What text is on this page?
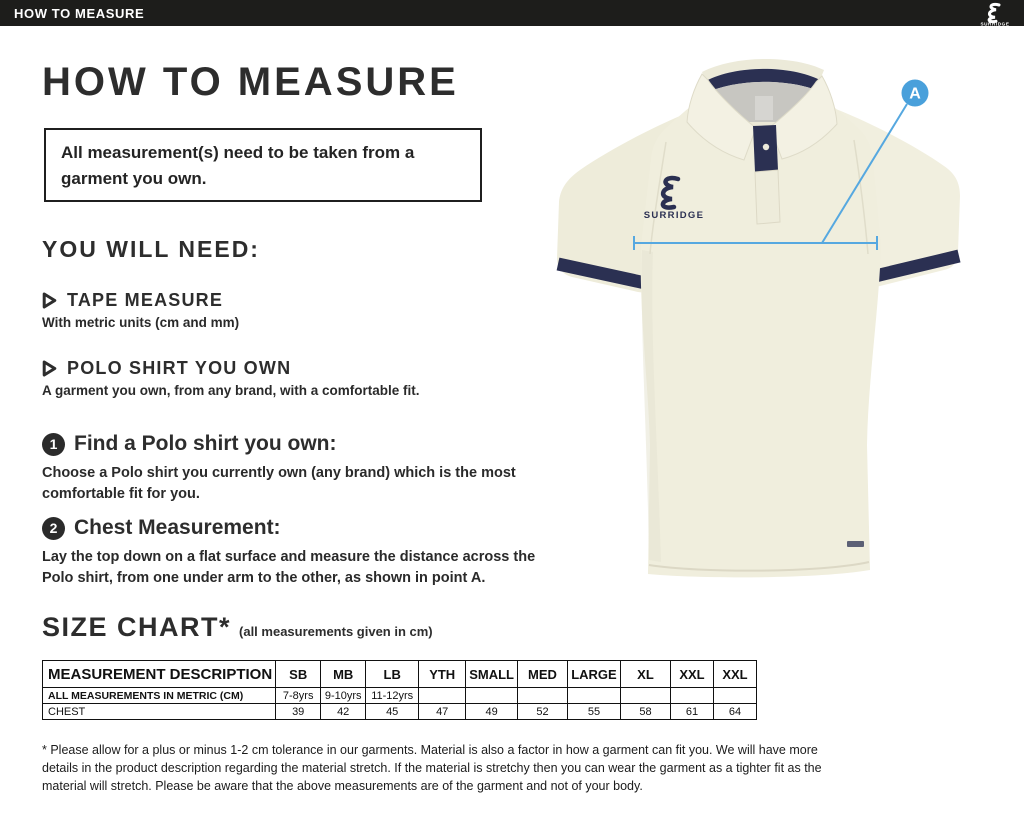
HOW TO MEASURE
SURRIDGE
HOW TO MEASURE
All measurement(s) need to be taken from a garment you own.
YOU WILL NEED:
TAPE MEASURE
With metric units (cm and mm)
POLO SHIRT YOU OWN
A garment you own, from any brand, with a comfortable fit.
1 Find a Polo shirt you own:
Choose a Polo shirt you currently own (any brand) which is the most comfortable fit for you.
2 Chest Measurement:
Lay the top down on a flat surface and measure the distance across the Polo shirt, from one under arm to the other, as shown in point A.
SIZE CHART* (all measurements given in cm)
MEASUREMENT DESCRIPTION	SB	MB	LB	YTH	SMALL	MED	LARGE	XL	XXL	XXL
ALL MEASUREMENTS IN METRIC (CM)	7-8yrs	9-10yrs	11-12yrs							
CHEST	39	42	45	47	49	52	55	58	61	64
* Please allow for a plus or minus 1-2 cm tolerance in our garments. Material is also a factor in how a garment can fit you. We will have more details in the product description regarding the material stretch. If the material is stretchy then you can wear the garment as a tighter fit as the material will stretch. Please be aware that the above measurements are of the garment and not of your body.
SURRIDGE
A
